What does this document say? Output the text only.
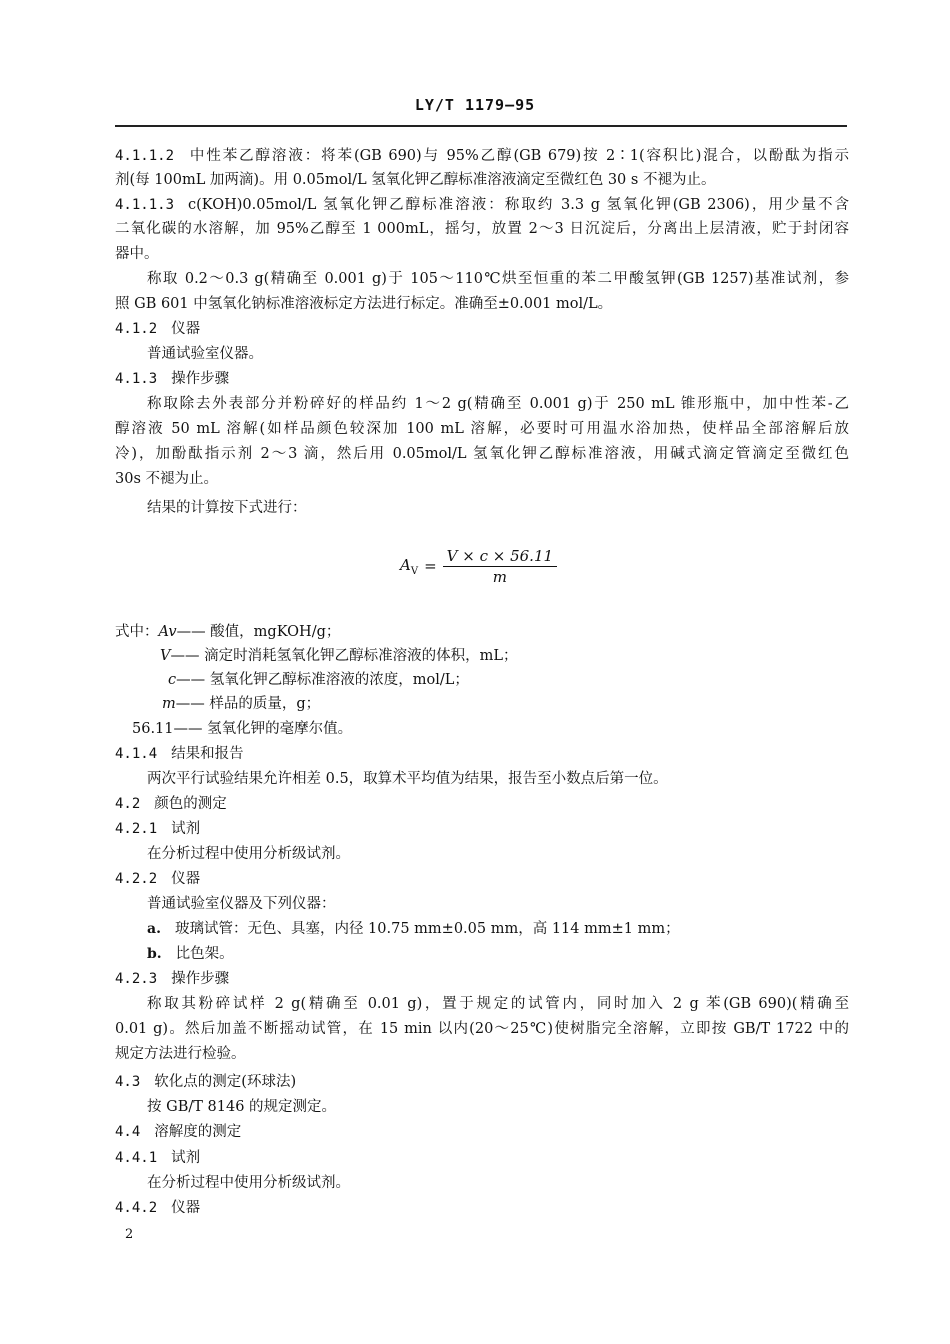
LY/T 1179—95
4.1.1.2 中性苯乙醇溶液：将苯(GB 690)与 95%乙醇(GB 679)按 2∶1(容积比)混合，以酚酞为指示
剂(每 100mL 加两滴)。用 0.05mol/L 氢氧化钾乙醇标准溶液滴定至微红色 30 s 不褪为止。
4.1.1.3 c(KOH)0.05mol/L 氢氧化钾乙醇标准溶液：称取约 3.3 g 氢氧化钾(GB 2306)，用少量不含
二氧化碳的水溶解，加 95%乙醇至 1 000mL，摇匀，放置 2～3 日沉淀后，分离出上层清液，贮于封闭容
器中。
称取 0.2～0.3 g(精确至 0.001 g)于 105～110℃烘至恒重的苯二甲酸氢钾(GB 1257)基准试剂，参
照 GB 601 中氢氧化钠标准溶液标定方法进行标定。准确至±0.001 mol/L。
4.1.2 仪器
普通试验室仪器。
4.1.3 操作步骤
称取除去外表部分并粉碎好的样品约 1～2 g(精确至 0.001 g)于 250 mL 锥形瓶中，加中性苯-乙
醇溶液 50 mL 溶解(如样品颜色较深加 100 mL 溶解，必要时可用温水浴加热，使样品全部溶解后放
冷)，加酚酞指示剂 2～3 滴，然后用 0.05mol/L 氢氧化钾乙醇标准溶液，用碱式滴定管滴定至微红色
30s 不褪为止。
结果的计算按下式进行：
$A_V = \frac{V \times c \times 56.11}{m}$
式中：Av—— 酸值，mgKOH/g；
V—— 滴定时消耗氢氧化钾乙醇标准溶液的体积，mL；
c—— 氢氧化钾乙醇标准溶液的浓度，mol/L；
m—— 样品的质量，g；
56.11—— 氢氧化钾的毫摩尔值。
4.1.4 结果和报告
两次平行试验结果允许相差 0.5，取算术平均值为结果，报告至小数点后第一位。
4.2 颜色的测定
4.2.1 试剂
在分析过程中使用分析级试剂。
4.2.2 仪器
普通试验室仪器及下列仪器：
a. 玻璃试管：无色、具塞，内径 10.75 mm±0.05 mm，高 114 mm±1 mm；
b. 比色架。
4.2.3 操作步骤
称取其粉碎试样 2 g(精确至 0.01 g)，置于规定的试管内，同时加入 2 g 苯(GB 690)(精确至
0.01 g)。然后加盖不断摇动试管，在 15 min 以内(20～25℃)使树脂完全溶解，立即按 GB/T 1722 中的
规定方法进行检验。
4.3 软化点的测定(环球法)
按 GB/T 8146 的规定测定。
4.4 溶解度的测定
4.4.1 试剂
在分析过程中使用分析级试剂。
4.4.2 仪器
2
